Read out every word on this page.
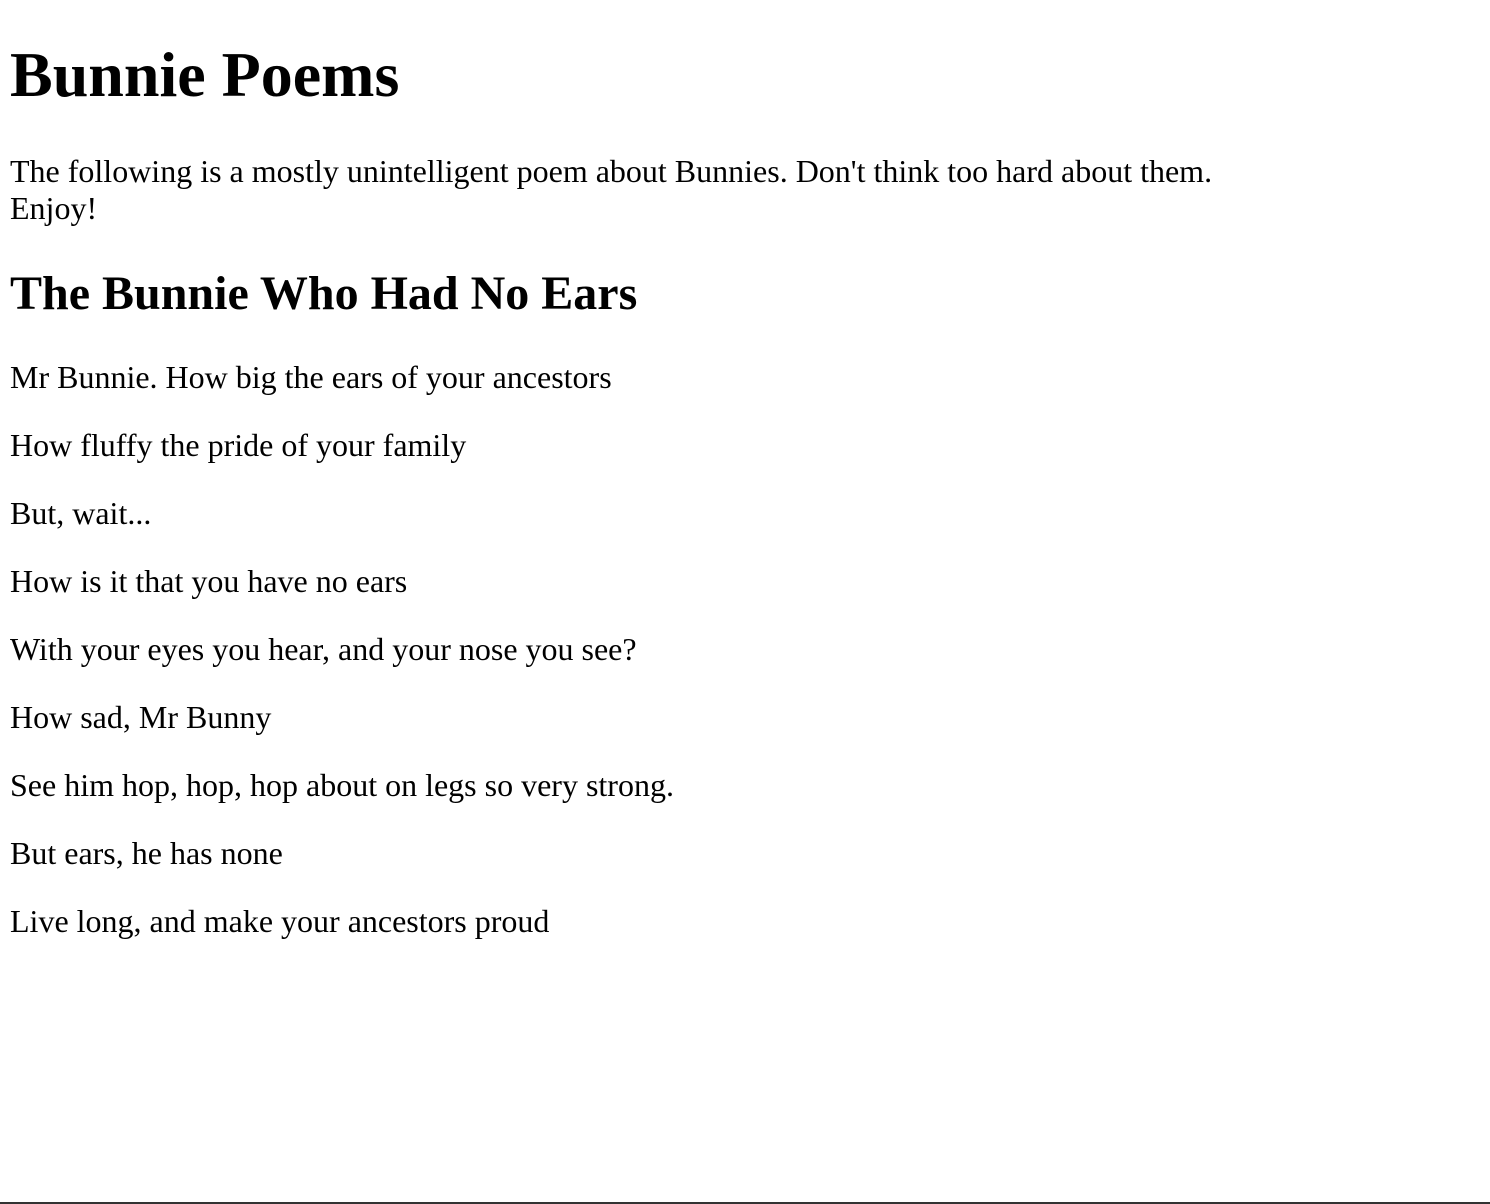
Bunnie Poems

The following is a mostly unintelligent poem about Bunnies. Don't think too hard about them. Enjoy!

The Bunnie Who Had No Ears

Mr Bunnie. How big the ears of your ancestors

How fluffy the pride of your family

But, wait...

How is it that you have no ears

With your eyes you hear, and your nose you see?

How sad, Mr Bunny

See him hop, hop, hop about on legs so very strong.

But ears, he has none

Live long, and make your ancestors proud
